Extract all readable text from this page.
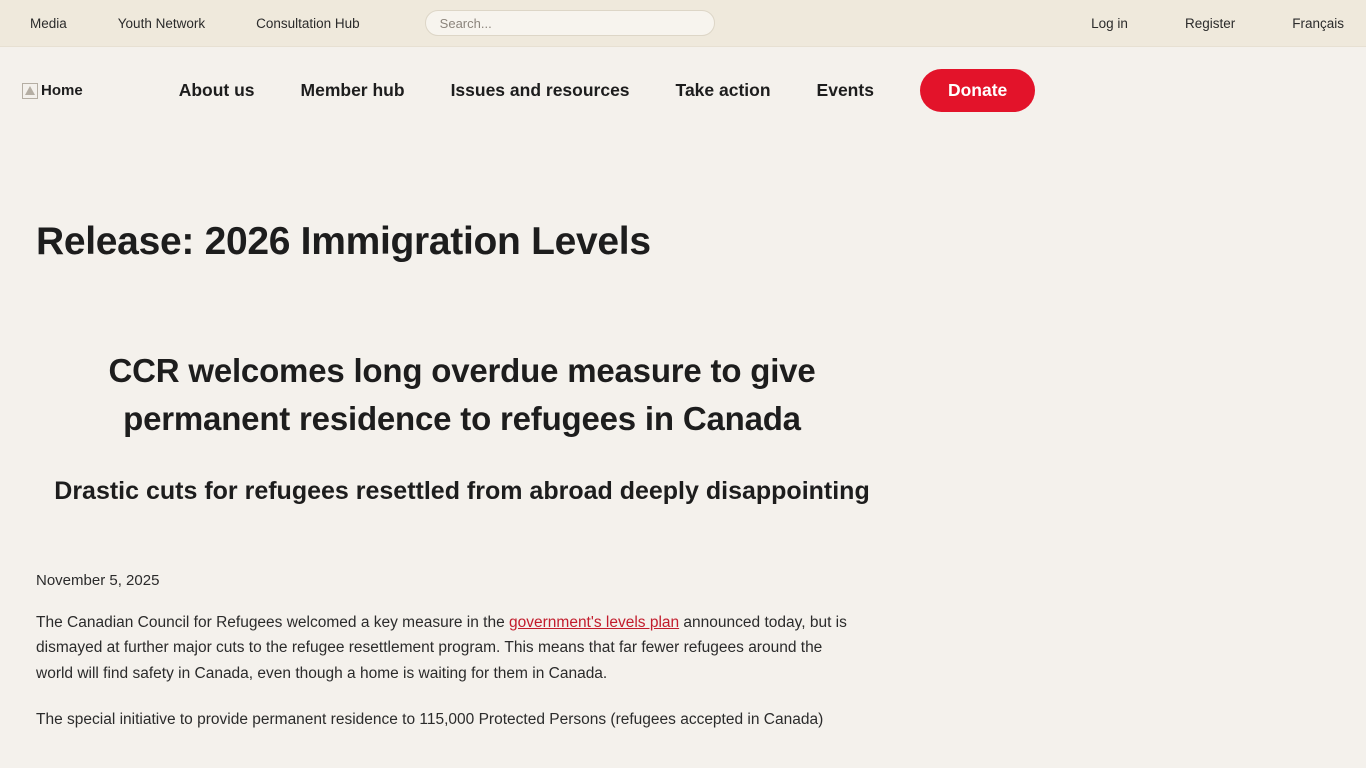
Media	Youth Network	Consultation Hub
Search...	Log in	Register	Français
Home	About us	Member hub	Issues and resources	Take action	Events	Donate
Release: 2026 Immigration Levels
CCR welcomes long overdue measure to give permanent residence to refugees in Canada
Drastic cuts for refugees resettled from abroad deeply disappointing
November 5, 2025

The Canadian Council for Refugees welcomed a key measure in the government's levels plan announced today, but is dismayed at further major cuts to the refugee resettlement program. This means that far fewer refugees around the world will find safety in Canada, even though a home is waiting for them in Canada.

The special initiative to provide permanent residence to 115,000 Protected Persons (refugees accepted in Canada)
